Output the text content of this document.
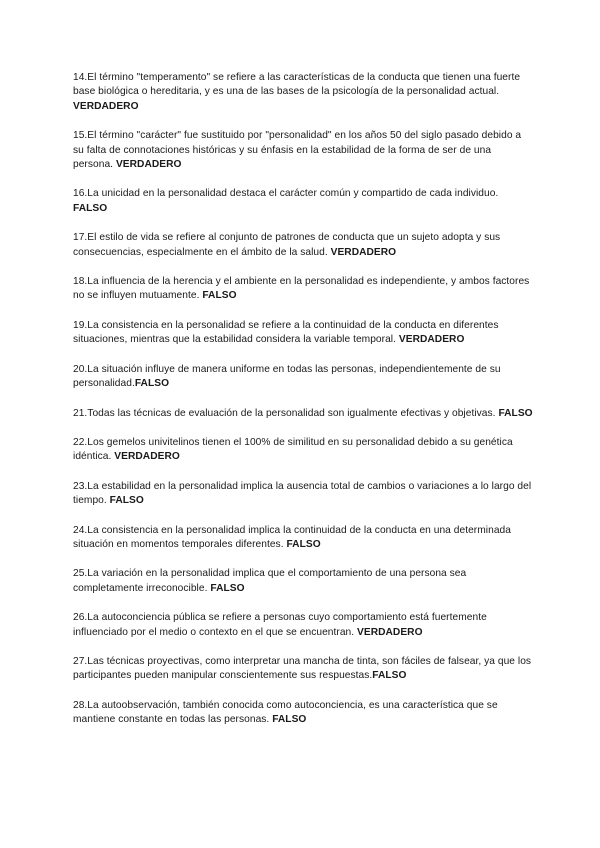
14.El término "temperamento" se refiere a las características de la conducta que tienen una fuerte base biológica o hereditaria, y es una de las bases de la psicología de la personalidad actual. VERDADERO

15.El término "carácter" fue sustituido por "personalidad" en los años 50 del siglo pasado debido a su falta de connotaciones históricas y su énfasis en la estabilidad de la forma de ser de una persona. VERDADERO

16.La unicidad en la personalidad destaca el carácter común y compartido de cada individuo. FALSO

17.El estilo de vida se refiere al conjunto de patrones de conducta que un sujeto adopta y sus consecuencias, especialmente en el ámbito de la salud. VERDADERO

18.La influencia de la herencia y el ambiente en la personalidad es independiente, y ambos factores no se influyen mutuamente. FALSO

19.La consistencia en la personalidad se refiere a la continuidad de la conducta en diferentes situaciones, mientras que la estabilidad considera la variable temporal. VERDADERO

20.La situación influye de manera uniforme en todas las personas, independientemente de su personalidad.FALSO

21.Todas las técnicas de evaluación de la personalidad son igualmente efectivas y objetivas. FALSO

22.Los gemelos univitelinos tienen el 100% de similitud en su personalidad debido a su genética idéntica. VERDADERO

23.La estabilidad en la personalidad implica la ausencia total de cambios o variaciones a lo largo del tiempo. FALSO

24.La consistencia en la personalidad implica la continuidad de la conducta en una determinada situación en momentos temporales diferentes. FALSO

25.La variación en la personalidad implica que el comportamiento de una persona sea completamente irreconocible. FALSO

26.La autoconciencia pública se refiere a personas cuyo comportamiento está fuertemente influenciado por el medio o contexto en el que se encuentran. VERDADERO

27.Las técnicas proyectivas, como interpretar una mancha de tinta, son fáciles de falsear, ya que los participantes pueden manipular conscientemente sus respuestas.FALSO

28.La autoobservación, también conocida como autoconciencia, es una característica que se mantiene constante en todas las personas. FALSO
